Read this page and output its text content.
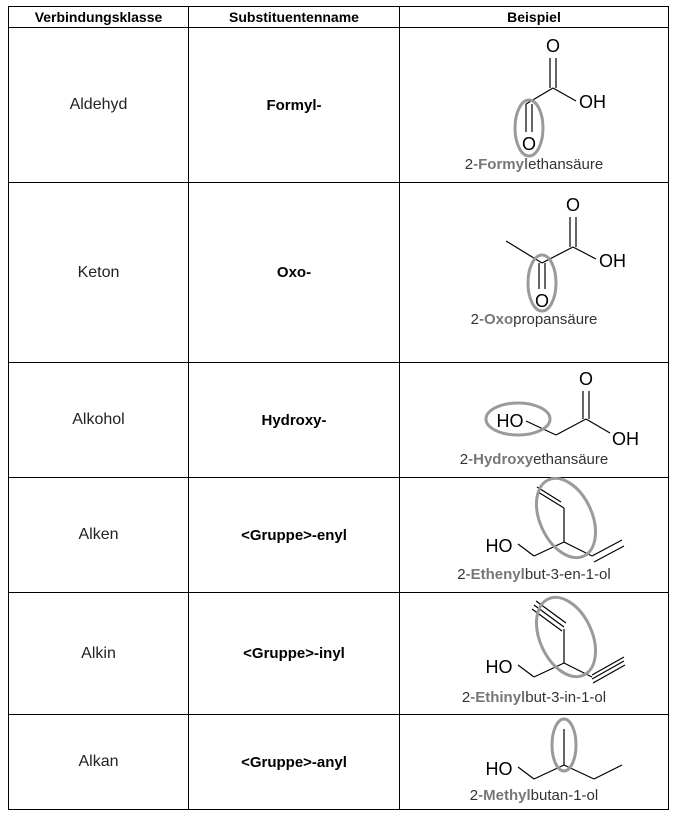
Verbindungsklasse	Substituentenname	Beispiel
Aldehyd	Formyl-	O
OH
O
2-Formylethansäure

Keton	Oxo-	O
OH
O
2-Oxopropansäure

Alkohol	Hydroxy-	O
OH
HO
2-Hydroxyethansäure

Alken	<Gruppe>-enyl	HO
2-Ethenylbut-3-en-1-ol

Alkin	<Gruppe>-inyl	HO
2-Ethinylbut-3-in-1-ol

Alkan	<Gruppe>-anyl	HO
2-Methylbutan-1-ol
